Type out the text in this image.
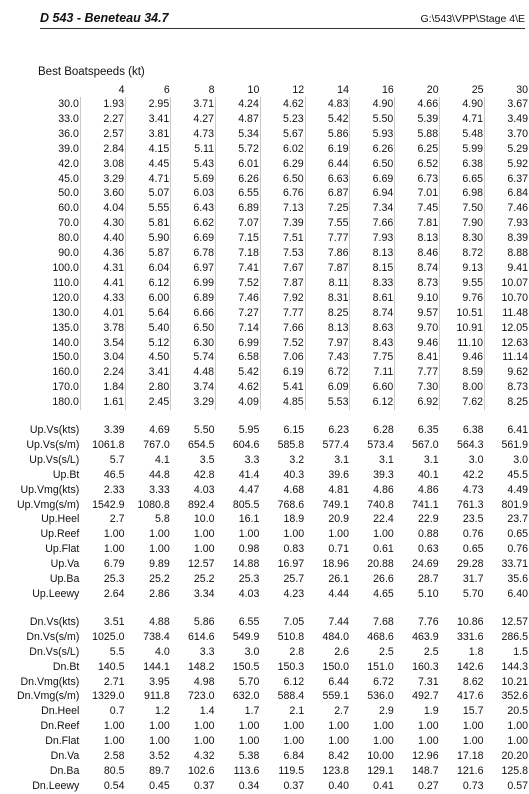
D 543 - Beneteau 34.7	G:\543\VPP\Stage 4\E
Best Boatspeeds (kt)
	4	6	8	10	12	14	16	20	25	30
30.0	1.93	2.95	3.71	4.24	4.62	4.83	4.90	4.66	4.90	3.67
33.0	2.27	3.41	4.27	4.87	5.23	5.42	5.50	5.39	4.71	3.49
36.0	2.57	3.81	4.73	5.34	5.67	5.86	5.93	5.88	5.48	3.70
39.0	2.84	4.15	5.11	5.72	6.02	6.19	6.26	6.25	5.99	5.29
42.0	3.08	4.45	5.43	6.01	6.29	6.44	6.50	6.52	6.38	5.92
45.0	3.29	4.71	5.69	6.26	6.50	6.63	6.69	6.73	6.65	6.37
50.0	3.60	5.07	6.03	6.55	6.76	6.87	6.94	7.01	6.98	6.84
60.0	4.04	5.55	6.43	6.89	7.13	7.25	7.34	7.45	7.50	7.46
70.0	4.30	5.81	6.62	7.07	7.39	7.55	7.66	7.81	7.90	7.93
80.0	4.40	5.90	6.69	7.15	7.51	7.77	7.93	8.13	8.30	8.39
90.0	4.36	5.87	6.78	7.18	7.53	7.86	8.13	8.46	8.72	8.88
100.0	4.31	6.04	6.97	7.41	7.67	7.87	8.15	8.74	9.13	9.41
110.0	4.41	6.12	6.99	7.52	7.87	8.11	8.33	8.73	9.55	10.07
120.0	4.33	6.00	6.89	7.46	7.92	8.31	8.61	9.10	9.76	10.70
130.0	4.01	5.64	6.66	7.27	7.77	8.25	8.74	9.57	10.51	11.48
135.0	3.78	5.40	6.50	7.14	7.66	8.13	8.63	9.70	10.91	12.05
140.0	3.54	5.12	6.30	6.99	7.52	7.97	8.43	9.46	11.10	12.63
150.0	3.04	4.50	5.74	6.58	7.06	7.43	7.75	8.41	9.46	11.14
160.0	2.24	3.41	4.48	5.42	6.19	6.72	7.11	7.77	8.59	9.62
170.0	1.84	2.80	3.74	4.62	5.41	6.09	6.60	7.30	8.00	8.73
180.0	1.61	2.45	3.29	4.09	4.85	5.53	6.12	6.92	7.62	8.25

Up.Vs(kts)	3.39	4.69	5.50	5.95	6.15	6.23	6.28	6.35	6.38	6.41
Up.Vs(s/m)	1061.8	767.0	654.5	604.6	585.8	577.4	573.4	567.0	564.3	561.9
Up.Vs(s/L)	5.7	4.1	3.5	3.3	3.2	3.1	3.1	3.1	3.0	3.0
Up.Bt	46.5	44.8	42.8	41.4	40.3	39.6	39.3	40.1	42.2	45.5
Up.Vmg(kts)	2.33	3.33	4.03	4.47	4.68	4.81	4.86	4.86	4.73	4.49
Up.Vmg(s/m)	1542.9	1080.8	892.4	805.5	768.6	749.1	740.8	741.1	761.3	801.9
Up.Heel	2.7	5.8	10.0	16.1	18.9	20.9	22.4	22.9	23.5	23.7
Up.Reef	1.00	1.00	1.00	1.00	1.00	1.00	1.00	0.88	0.76	0.65
Up.Flat	1.00	1.00	1.00	0.98	0.83	0.71	0.61	0.63	0.65	0.76
Up.Va	6.79	9.89	12.57	14.88	16.97	18.96	20.88	24.69	29.28	33.71
Up.Ba	25.3	25.2	25.2	25.3	25.7	26.1	26.6	28.7	31.7	35.6
Up.Leewy	2.64	2.86	3.34	4.03	4.23	4.44	4.65	5.10	5.70	6.40

Dn.Vs(kts)	3.51	4.88	5.86	6.55	7.05	7.44	7.68	7.76	10.86	12.57
Dn.Vs(s/m)	1025.0	738.4	614.6	549.9	510.8	484.0	468.6	463.9	331.6	286.5
Dn.Vs(s/L)	5.5	4.0	3.3	3.0	2.8	2.6	2.5	2.5	1.8	1.5
Dn.Bt	140.5	144.1	148.2	150.5	150.3	150.0	151.0	160.3	142.6	144.3
Dn.Vmg(kts)	2.71	3.95	4.98	5.70	6.12	6.44	6.72	7.31	8.62	10.21
Dn.Vmg(s/m)	1329.0	911.8	723.0	632.0	588.4	559.1	536.0	492.7	417.6	352.6
Dn.Heel	0.7	1.2	1.4	1.7	2.1	2.7	2.9	1.9	15.7	20.5
Dn.Reef	1.00	1.00	1.00	1.00	1.00	1.00	1.00	1.00	1.00	1.00
Dn.Flat	1.00	1.00	1.00	1.00	1.00	1.00	1.00	1.00	1.00	1.00
Dn.Va	2.58	3.52	4.32	5.38	6.84	8.42	10.00	12.96	17.18	20.20
Dn.Ba	80.5	89.7	102.6	113.6	119.5	123.8	129.1	148.7	121.6	125.8
Dn.Leewy	0.54	0.45	0.37	0.34	0.37	0.40	0.41	0.27	0.73	0.57
